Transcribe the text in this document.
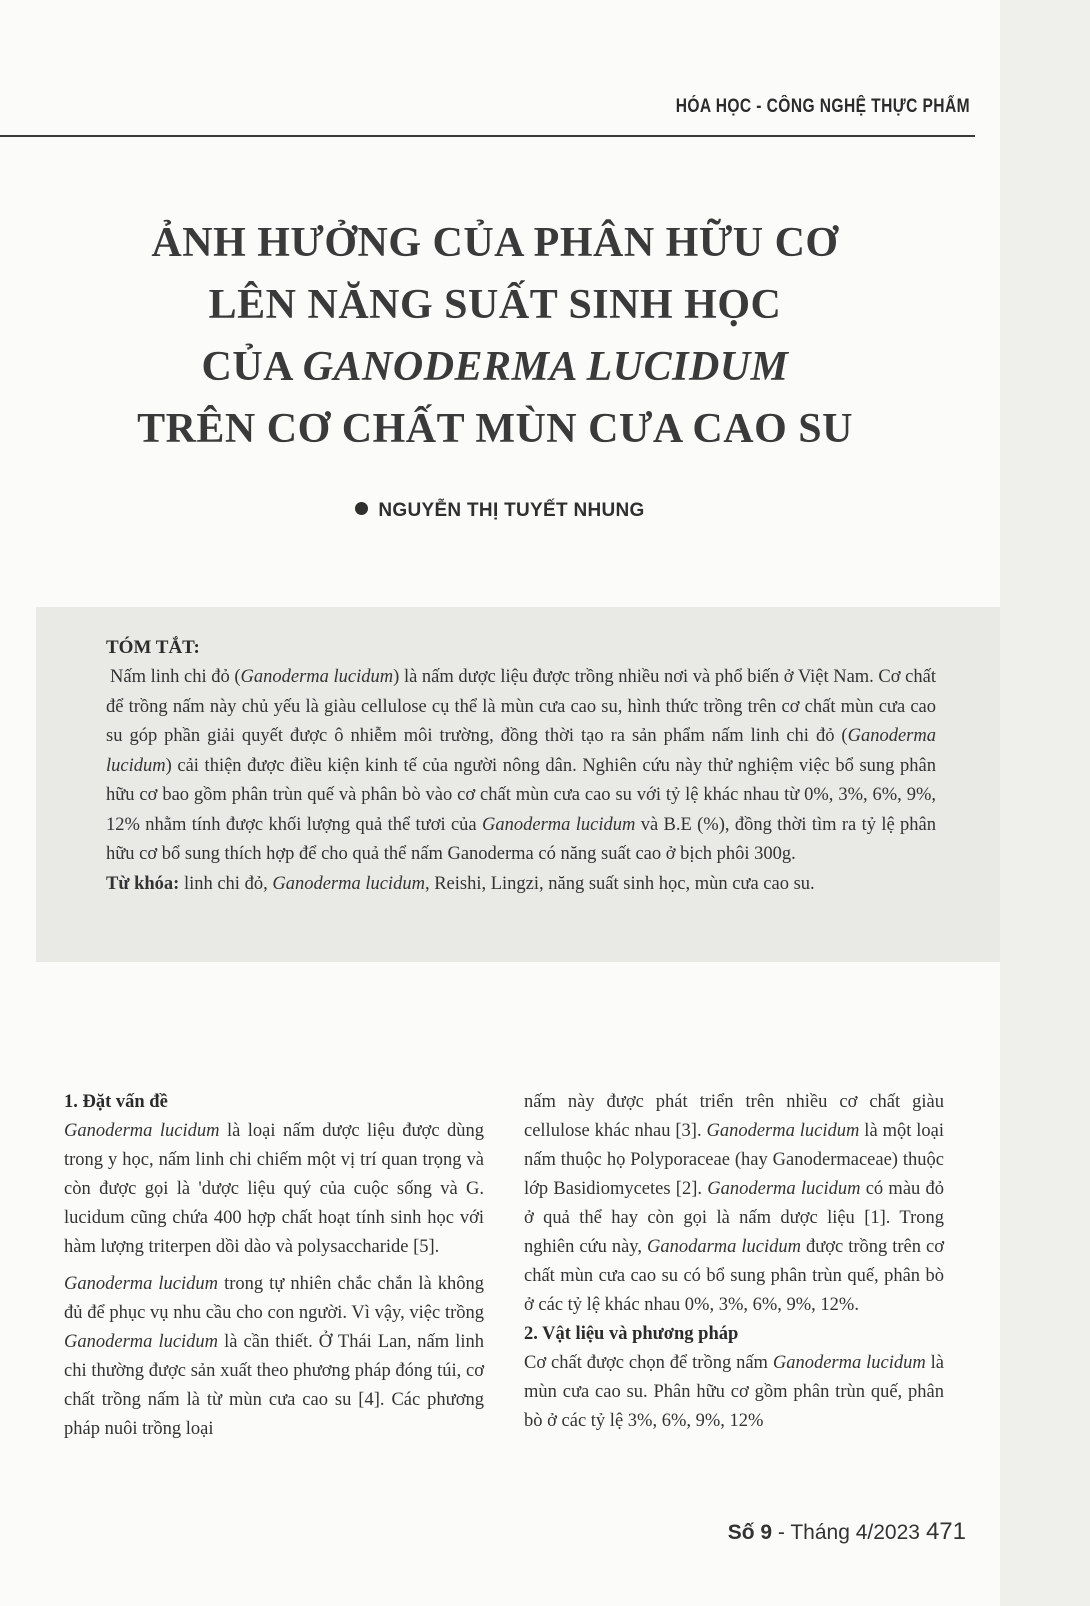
HÓA HỌC - CÔNG NGHỆ THỰC PHẨM
ẢNH HƯỞNG CỦA PHÂN HỮU CƠ
LÊN NĂNG SUẤT SINH HỌC
CỦA GANODERMA LUCIDUM
TRÊN CƠ CHẤT MÙN CƯA CAO SU
NGUYỄN THỊ TUYẾT NHUNG
TÓM TẮT:
Nấm linh chi đỏ (Ganoderma lucidum) là nấm dược liệu được trồng nhiều nơi và phổ biến ở Việt Nam. Cơ chất để trồng nấm này chủ yếu là giàu cellulose cụ thể là mùn cưa cao su, hình thức trồng trên cơ chất mùn cưa cao su góp phần giải quyết được ô nhiễm môi trường, đồng thời tạo ra sản phẩm nấm linh chi đỏ (Ganoderma lucidum) cải thiện được điều kiện kinh tế của người nông dân. Nghiên cứu này thử nghiệm việc bổ sung phân hữu cơ bao gồm phân trùn quế và phân bò vào cơ chất mùn cưa cao su với tỷ lệ khác nhau từ 0%, 3%, 6%, 9%, 12% nhằm tính được khối lượng quả thể tươi của Ganoderma lucidum và B.E (%), đồng thời tìm ra tỷ lệ phân hữu cơ bổ sung thích hợp để cho quả thể nấm Ganoderma có năng suất cao ở bịch phôi 300g.
Từ khóa: linh chi đỏ, Ganoderma lucidum, Reishi, Lingzi, năng suất sinh học, mùn cưa cao su.
1. Đặt vấn đề
Ganoderma lucidum là loại nấm dược liệu được dùng trong y học, nấm linh chi chiếm một vị trí quan trọng và còn được gọi là 'dược liệu quý của cuộc sống và G. lucidum cũng chứa 400 hợp chất hoạt tính sinh học với hàm lượng triterpen dồi dào và polysaccharide [5].
Ganoderma lucidum trong tự nhiên chắc chắn là không đủ để phục vụ nhu cầu cho con người. Vì vậy, việc trồng Ganoderma lucidum là cần thiết. Ở Thái Lan, nấm linh chi thường được sản xuất theo phương pháp đóng túi, cơ chất trồng nấm là từ mùn cưa cao su [4]. Các phương pháp nuôi trồng loại
nấm này được phát triển trên nhiều cơ chất giàu cellulose khác nhau [3]. Ganoderma lucidum là một loại nấm thuộc họ Polyporaceae (hay Ganodermaceae) thuộc lớp Basidiomycetes [2]. Ganoderma lucidum có màu đỏ ở quả thể hay còn gọi là nấm dược liệu [1]. Trong nghiên cứu này, Ganodarma lucidum được trồng trên cơ chất mùn cưa cao su có bổ sung phân trùn quế, phân bò ở các tỷ lệ khác nhau 0%, 3%, 6%, 9%, 12%.
2. Vật liệu và phương pháp
Cơ chất được chọn để trồng nấm Ganoderma lucidum là mùn cưa cao su. Phân hữu cơ gồm phân trùn quế, phân bò ở các tỷ lệ 3%, 6%, 9%, 12%
Số 9 - Tháng 4/2023 471
